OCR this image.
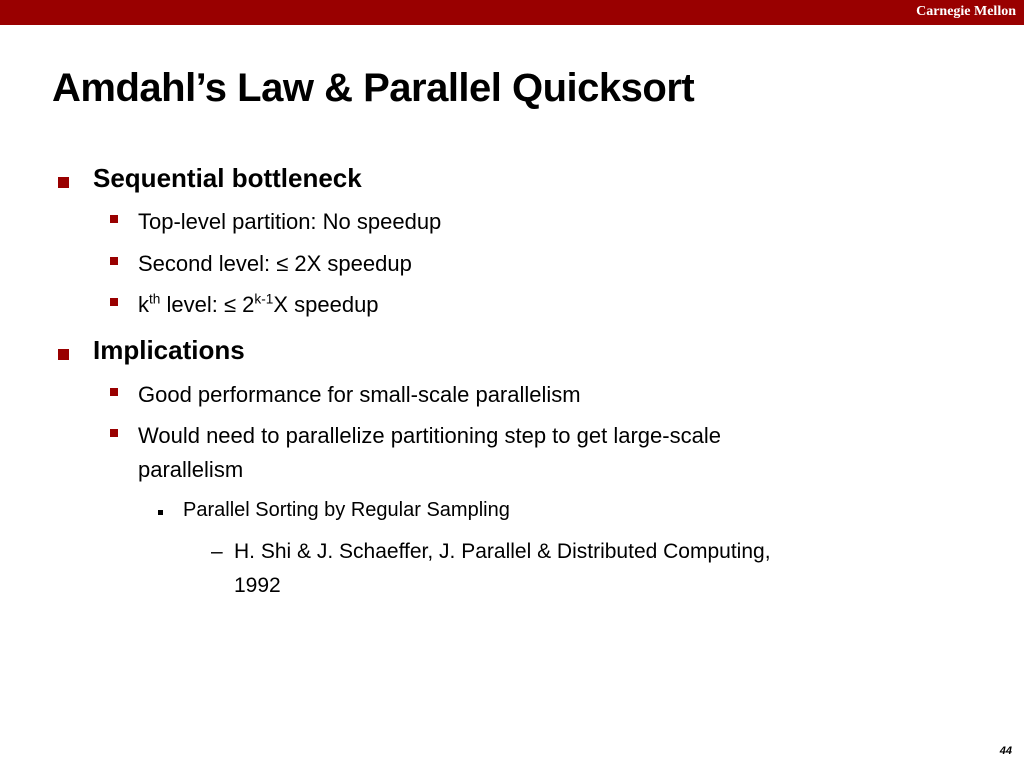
Carnegie Mellon
Amdahl’s Law & Parallel Quicksort
Sequential bottleneck
Top-level partition: No speedup
Second level: ≤ 2X speedup
$k^{th}$ level: ≤ $2^{k-1}X$ speedup
Implications
Good performance for small-scale parallelism
Would need to parallelize partitioning step to get large-scale
parallelism
Parallel Sorting by Regular Sampling
– H. Shi & J. Schaeffer, J. Parallel & Distributed Computing,
1992
44
